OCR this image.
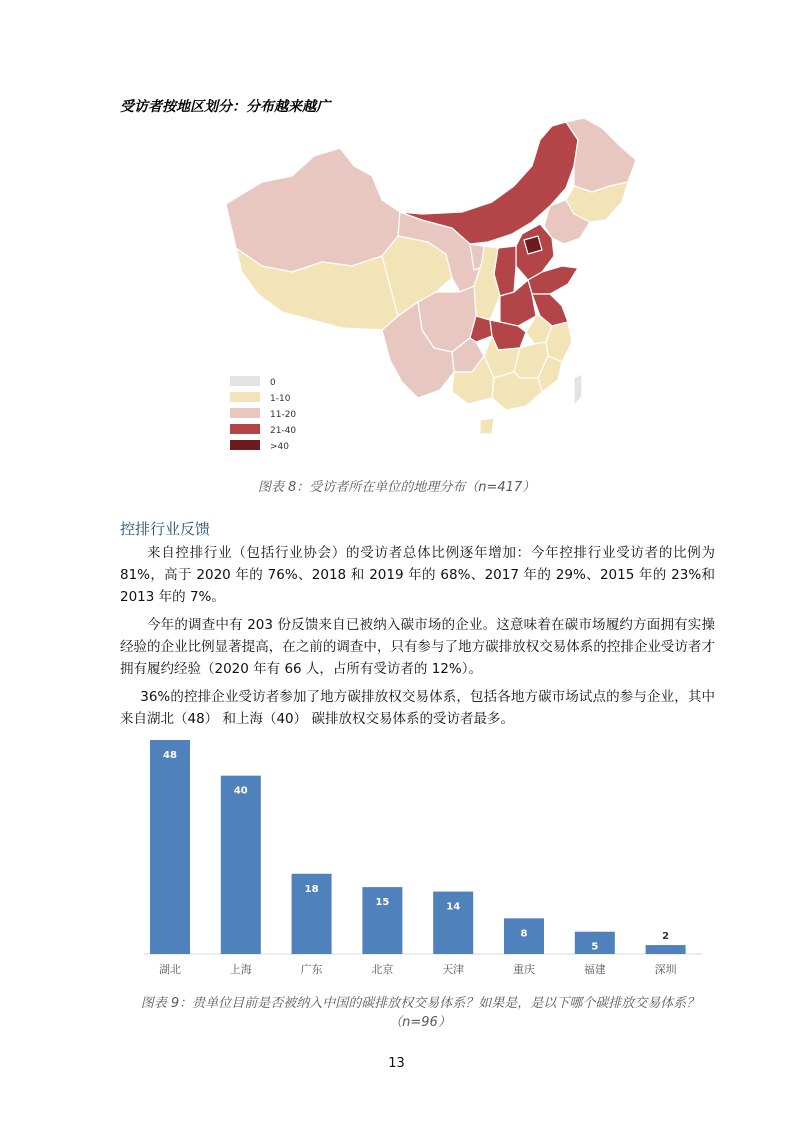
受访者按地区划分：分布越来越广
0
1-10
11-20
21-40
>40
图表 8：受访者所在单位的地理分布（n=417）
控排行业反馈

来自控排行业（包括行业协会）的受访者总体比例逐年增加：今年控排行业受访者的比例为81%，高于 2020 年的 76%、2018 和 2019 年的 68%、2017 年的 29%、2015 年的 23%和 2013 年的 7%。

今年的调查中有 203 份反馈来自已被纳入碳市场的企业。这意味着在碳市场履约方面拥有实操经验的企业比例显著提高，在之前的调查中，只有参与了地方碳排放权交易体系的控排企业受访者才拥有履约经验（2020 年有 66 人，占所有受访者的 12%）。

36%的控排企业受访者参加了地方碳排放权交易体系，包括各地方碳市场试点的参与企业，其中来自湖北（48） 和上海（40） 碳排放权交易体系的受访者最多。

48
湖北
40
上海
18
广东
15
北京
14
天津
8
重庆
5
福建
2
深圳
图表 9：贵单位目前是否被纳入中国的碳排放权交易体系？如果是，是以下哪个碳排放交易体系？
（n=96）
13
